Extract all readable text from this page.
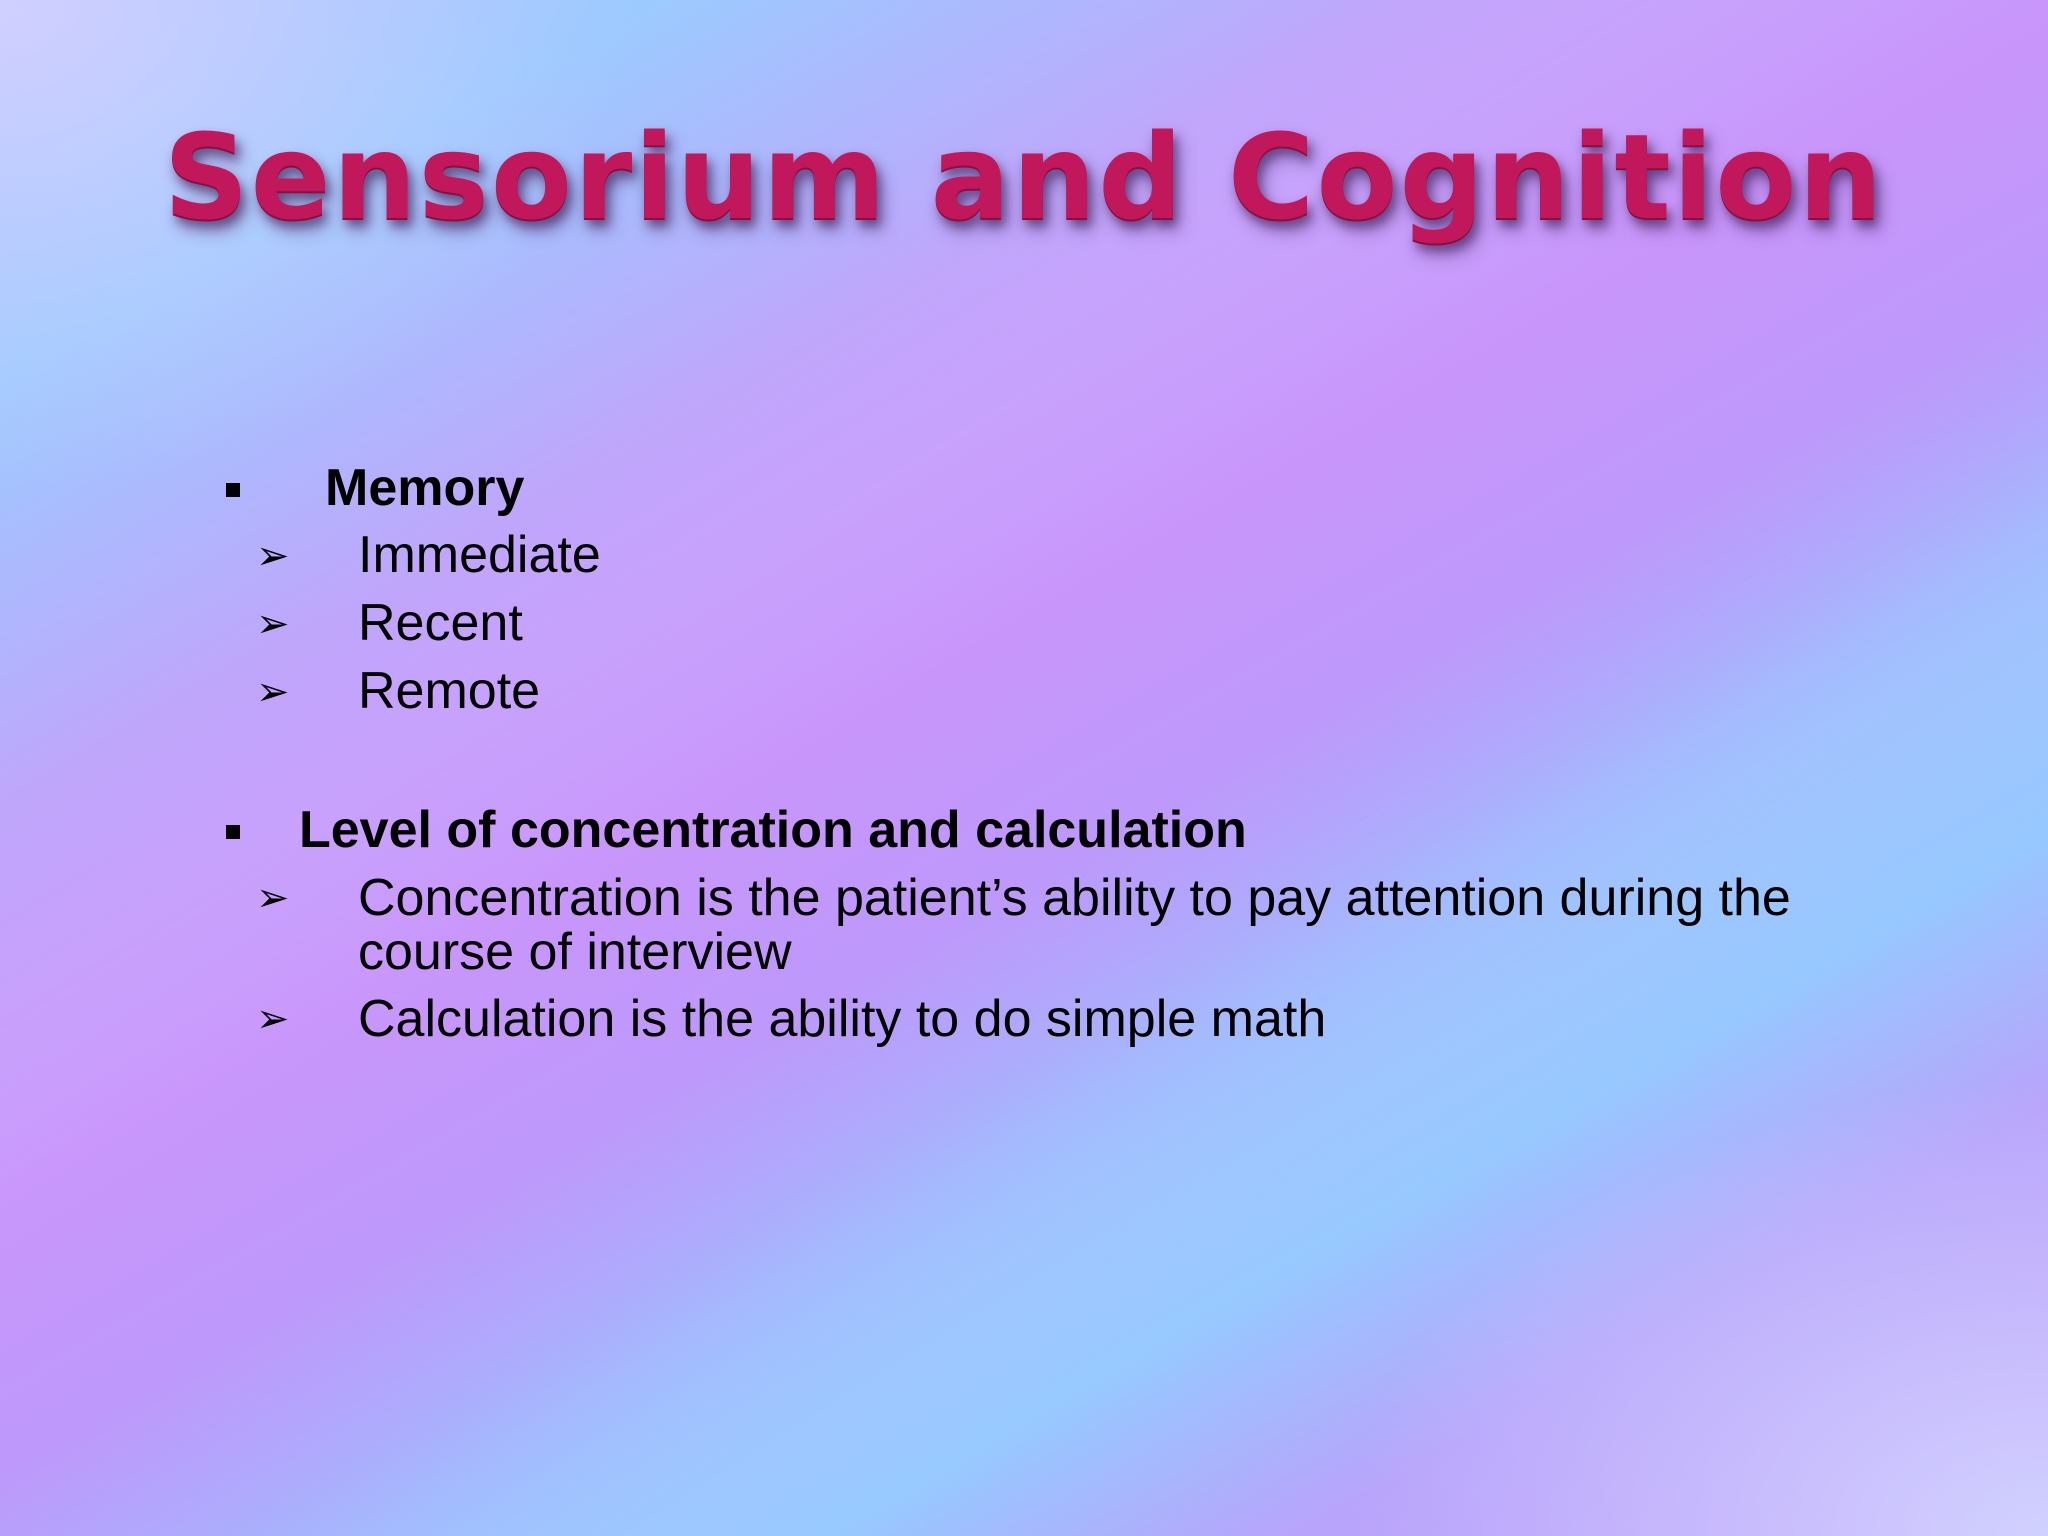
Sensorium and Cognition
Memory
➢ Immediate
➢ Recent
➢ Remote
Level of concentration and calculation
➢ Concentration is the patient’s ability to pay attention during the
course of interview
➢ Calculation is the ability to do simple math
